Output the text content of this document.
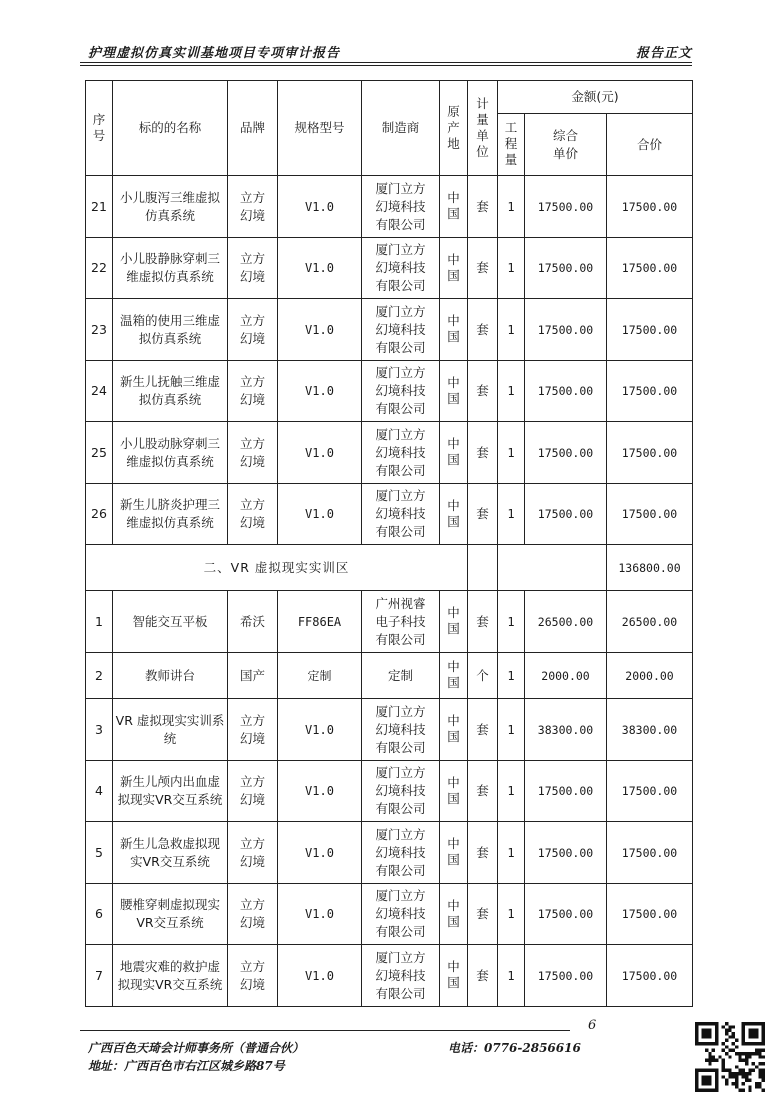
护理虚拟仿真实训基地项目专项审计报告	报告正文
序号	标的的名称	品牌	规格型号	制造商	原产地	计量单位	金额(元)		
							工程量	综合单价	合价
21	小儿腹泻三维虚拟仿真系统	立方幻境	V1.0	厦门立方幻境科技有限公司	中国	套	1	17500.00	17500.00
22	小儿股静脉穿刺三维虚拟仿真系统	立方幻境	V1.0	厦门立方幻境科技有限公司	中国	套	1	17500.00	17500.00
23	温箱的使用三维虚拟仿真系统	立方幻境	V1.0	厦门立方幻境科技有限公司	中国	套	1	17500.00	17500.00
24	新生儿抚触三维虚拟仿真系统	立方幻境	V1.0	厦门立方幻境科技有限公司	中国	套	1	17500.00	17500.00
25	小儿股动脉穿刺三维虚拟仿真系统	立方幻境	V1.0	厦门立方幻境科技有限公司	中国	套	1	17500.00	17500.00
26	新生儿脐炎护理三维虚拟仿真系统	立方幻境	V1.0	厦门立方幻境科技有限公司	中国	套	1	17500.00	17500.00
二、VR 虚拟现实实训区									136800.00
1	智能交互平板	希沃	FF86EA	广州视睿电子科技有限公司	中国	套	1	26500.00	26500.00
2	教师讲台	国产	定制	定制	中国	个	1	2000.00	2000.00
3	VR 虚拟现实实训系统	立方幻境	V1.0	厦门立方幻境科技有限公司	中国	套	1	38300.00	38300.00
4	新生儿颅内出血虚拟现实VR交互系统	立方幻境	V1.0	厦门立方幻境科技有限公司	中国	套	1	17500.00	17500.00
5	新生儿急救虚拟现实VR交互系统	立方幻境	V1.0	厦门立方幻境科技有限公司	中国	套	1	17500.00	17500.00
6	腰椎穿刺虚拟现实VR交互系统	立方幻境	V1.0	厦门立方幻境科技有限公司	中国	套	1	17500.00	17500.00
7	地震灾难的救护虚拟现实VR交互系统	立方幻境	V1.0	厦门立方幻境科技有限公司	中国	套	1	17500.00	17500.00
6
广西百色天琦会计师事务所（普通合伙）	电话：0776-2856616
地址：广西百色市右江区城乡路87号
